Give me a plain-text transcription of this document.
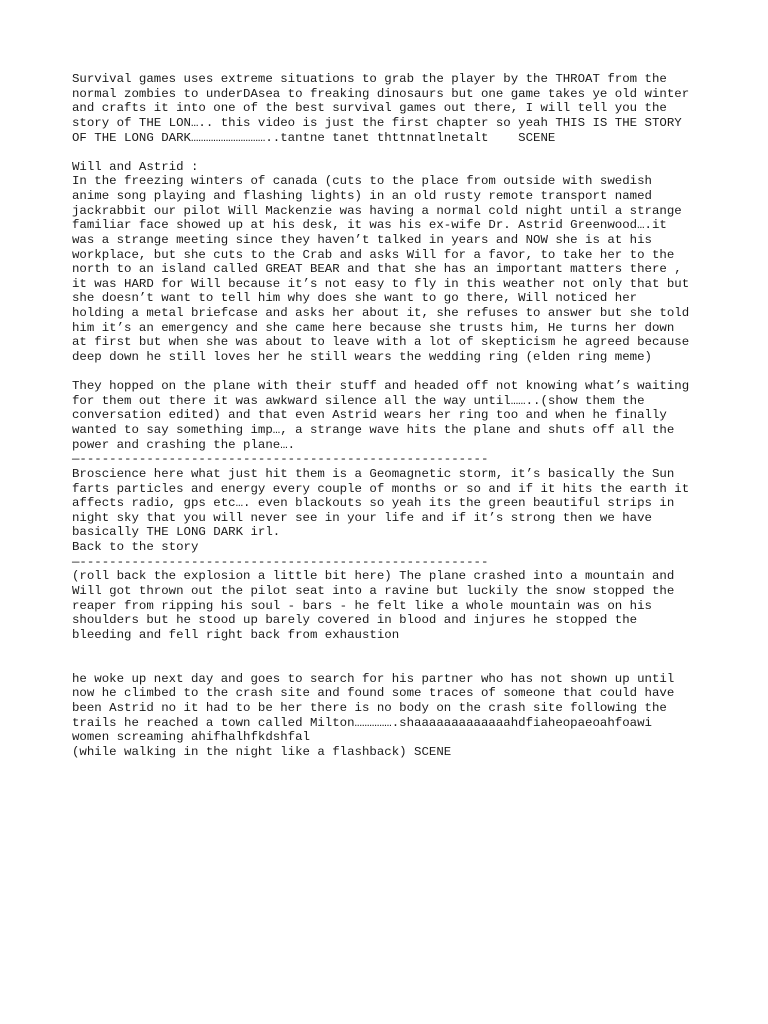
Survival games uses extreme situations to grab the player by the THROAT from the
normal zombies to underDAsea to freaking dinosaurs but one game takes ye old winter
and crafts it into one of the best survival games out there, I will tell you the
story of THE LON….. this video is just the first chapter so yeah THIS IS THE STORY
OF THE LONG DARK…………………………..tantne tanet thttnnatlnetalt    SCENE
Will and Astrid :
In the freezing winters of canada (cuts to the place from outside with swedish
anime song playing and flashing lights) in an old rusty remote transport named
jackrabbit our pilot Will Mackenzie was having a normal cold night until a strange
familiar face showed up at his desk, it was his ex-wife Dr. Astrid Greenwood….it
was a strange meeting since they haven’t talked in years and NOW she is at his
workplace, but she cuts to the Crab and asks Will for a favor, to take her to the
north to an island called GREAT BEAR and that she has an important matters there ,
it was HARD for Will because it’s not easy to fly in this weather not only that but
she doesn’t want to tell him why does she want to go there, Will noticed her
holding a metal briefcase and asks her about it, she refuses to answer but she told
him it’s an emergency and she came here because she trusts him, He turns her down
at first but when she was about to leave with a lot of skepticism he agreed because
deep down he still loves her he still wears the wedding ring (elden ring meme)
They hopped on the plane with their stuff and headed off not knowing what’s waiting
for them out there it was awkward silence all the way until……..(show them the
conversation edited) and that even Astrid wears her ring too and when he finally
wanted to say something imp…, a strange wave hits the plane and shuts off all the
power and crashing the plane….
—-------------------------------------------------------
Broscience here what just hit them is a Geomagnetic storm, it’s basically the Sun
farts particles and energy every couple of months or so and if it hits the earth it
affects radio, gps etc…. even blackouts so yeah its the green beautiful strips in
night sky that you will never see in your life and if it’s strong then we have
basically THE LONG DARK irl.
Back to the story
—-------------------------------------------------------
(roll back the explosion a little bit here) The plane crashed into a mountain and
Will got thrown out the pilot seat into a ravine but luckily the snow stopped the
reaper from ripping his soul - bars - he felt like a whole mountain was on his
shoulders but he stood up barely covered in blood and injures he stopped the
bleeding and fell right back from exhaustion
he woke up next day and goes to search for his partner who has not shown up until
now he climbed to the crash site and found some traces of someone that could have
been Astrid no it had to be her there is no body on the crash site following the
trails he reached a town called Milton…………….shaaaaaaaaaaaaahdfiaheopaeoahfoawi
women screaming ahifhalhfkdshfal
(while walking in the night like a flashback) SCENE
